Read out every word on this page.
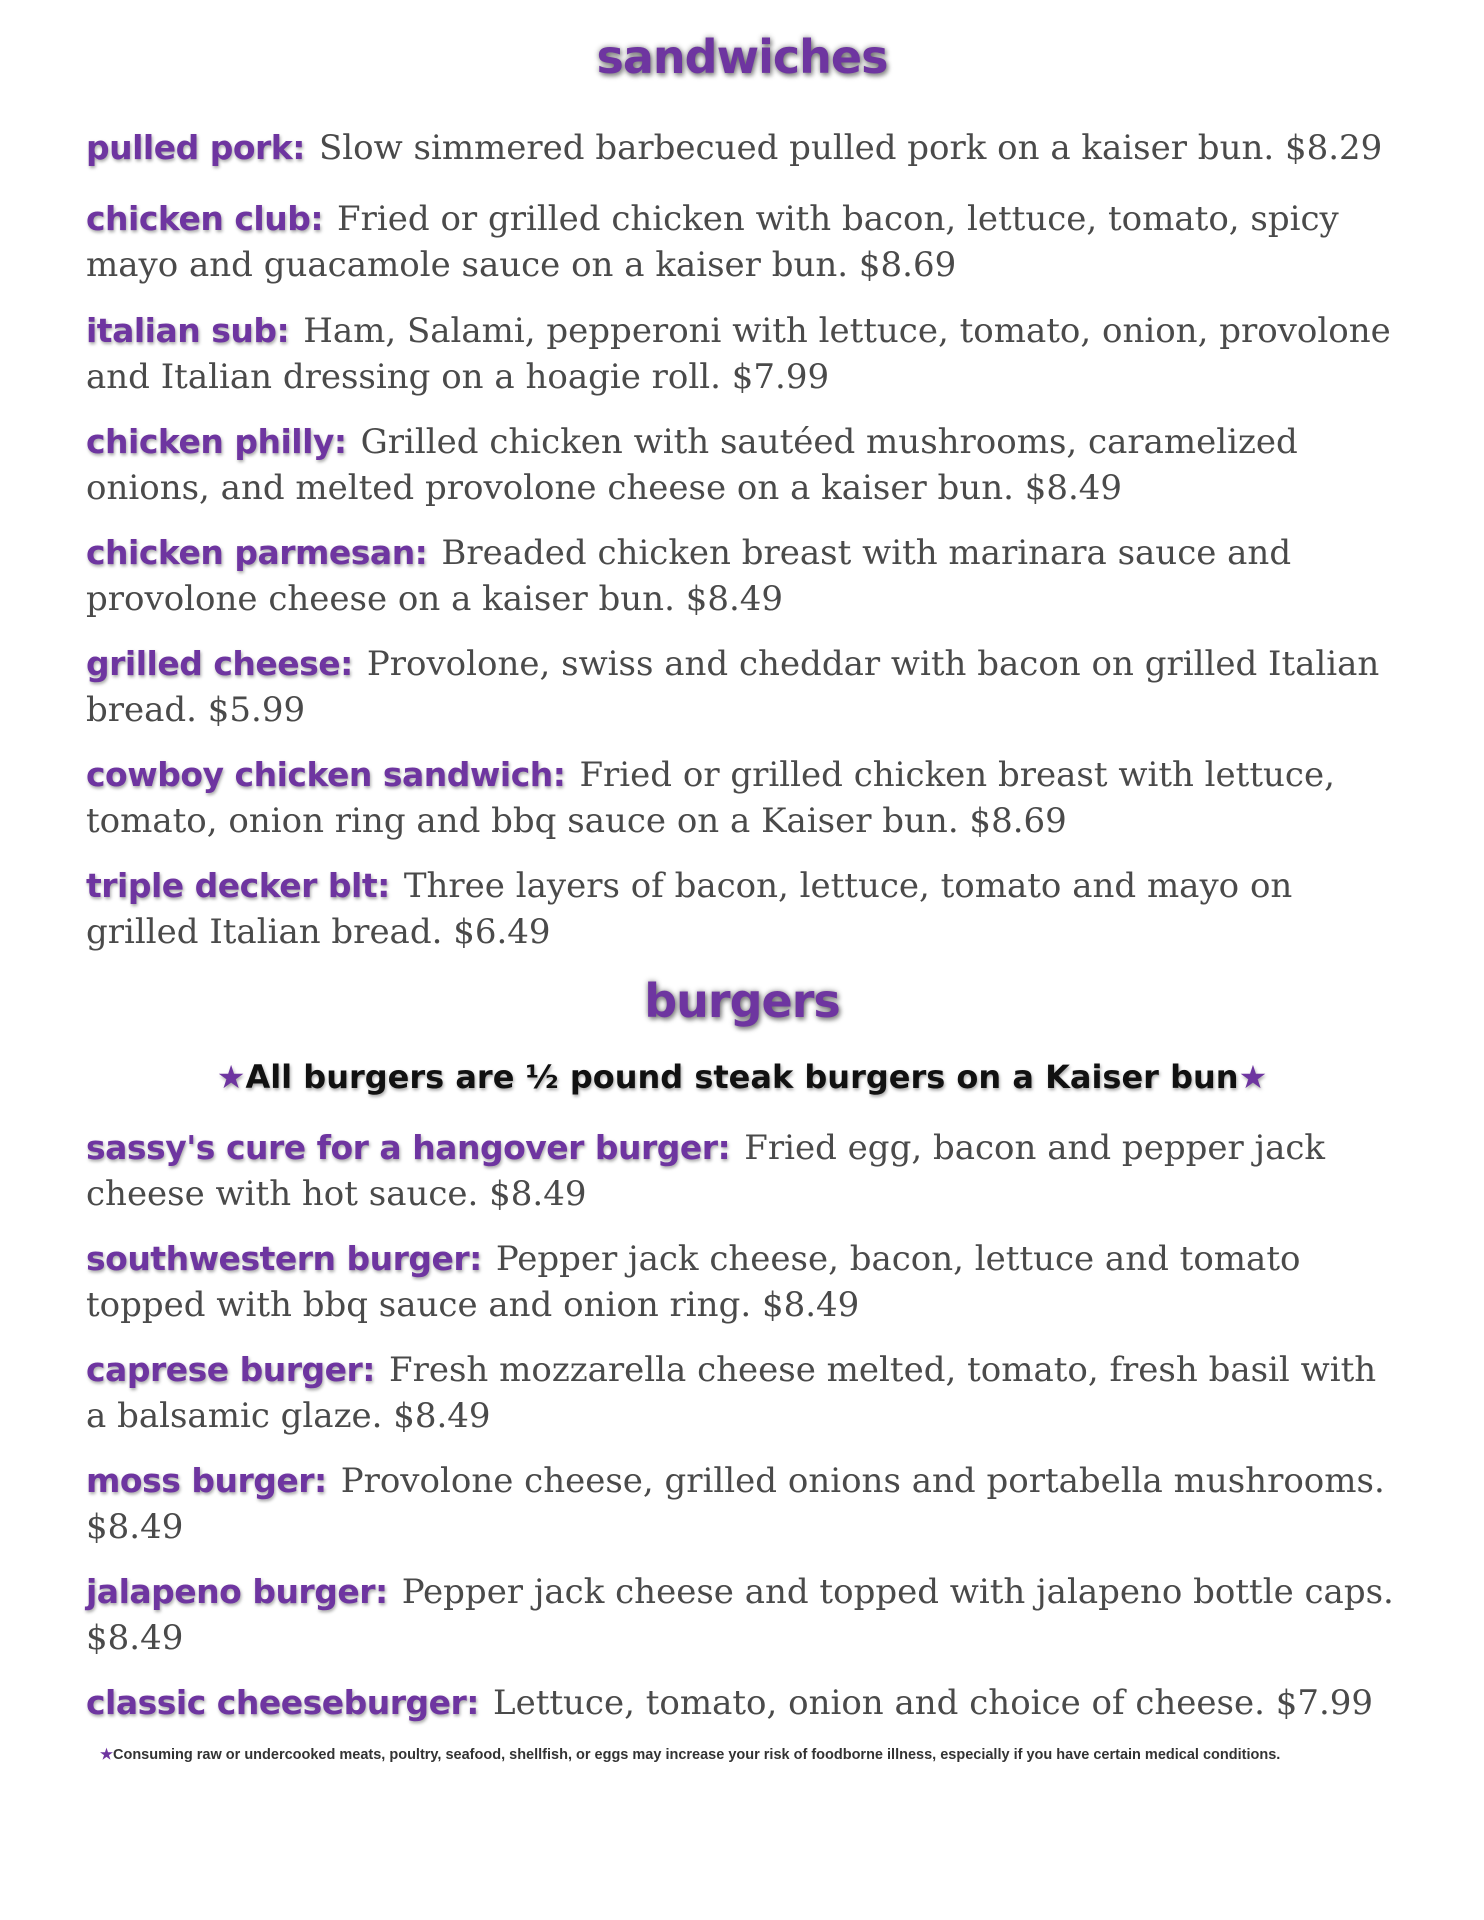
sandwiches
pulled pork: Slow simmered barbecued pulled pork on a kaiser bun. $8.29
chicken club: Fried or grilled chicken with bacon, lettuce, tomato, spicy mayo and guacamole sauce on a kaiser bun. $8.69
italian sub: Ham, Salami, pepperoni with lettuce, tomato, onion, provolone and Italian dressing on a hoagie roll. $7.99
chicken philly: Grilled chicken with sautéed mushrooms, caramelized onions, and melted provolone cheese on a kaiser bun. $8.49
chicken parmesan: Breaded chicken breast with marinara sauce and provolone cheese on a kaiser bun. $8.49
grilled cheese: Provolone, swiss and cheddar with bacon on grilled Italian bread. $5.99
cowboy chicken sandwich: Fried or grilled chicken breast with lettuce, tomato, onion ring and bbq sauce on a Kaiser bun. $8.69
triple decker blt: Three layers of bacon, lettuce, tomato and mayo on grilled Italian bread. $6.49
burgers
★All burgers are ½ pound steak burgers on a Kaiser bun★
sassy's cure for a hangover burger: Fried egg, bacon and pepper jack cheese with hot sauce. $8.49
southwestern burger: Pepper jack cheese, bacon, lettuce and tomato topped with bbq sauce and onion ring. $8.49
caprese burger: Fresh mozzarella cheese melted, tomato, fresh basil with a balsamic glaze. $8.49
moss burger: Provolone cheese, grilled onions and portabella mushrooms. $8.49
jalapeno burger: Pepper jack cheese and topped with jalapeno bottle caps. $8.49
classic cheeseburger: Lettuce, tomato, onion and choice of cheese. $7.99
★Consuming raw or undercooked meats, poultry, seafood, shellfish, or eggs may increase your risk of foodborne illness, especially if you have certain medical conditions.
